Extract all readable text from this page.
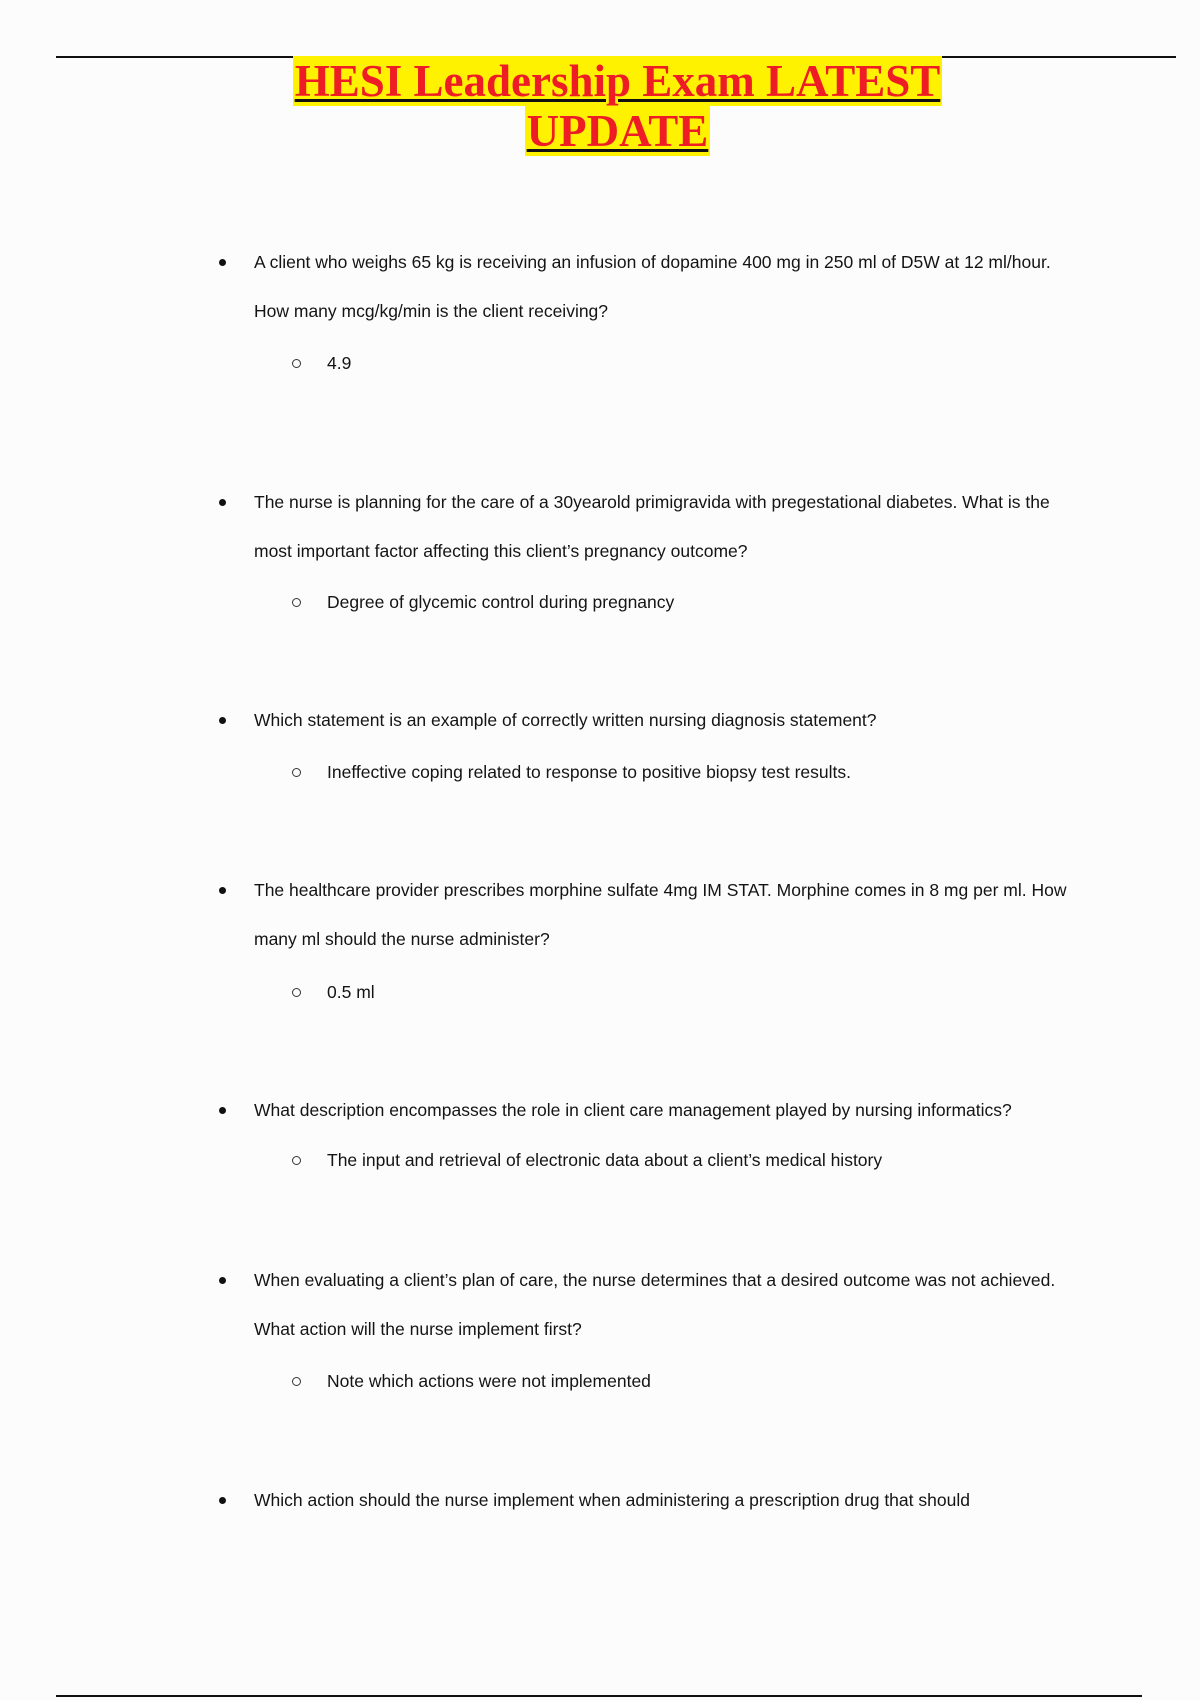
HESI Leadership Exam LATEST
UPDATE
A client who weighs 65 kg is receiving an infusion of dopamine 400 mg in 250 ml of D5W at 12 ml/hour. How many mcg/kg/min is the client receiving?
4.9
The nurse is planning for the care of a 30yearold primigravida with pregestational diabetes. What is the most important factor affecting this client’s pregnancy outcome?
Degree of glycemic control during pregnancy
Which statement is an example of correctly written nursing diagnosis statement?
Ineffective coping related to response to positive biopsy test results.
The healthcare provider prescribes morphine sulfate 4mg IM STAT. Morphine comes in 8 mg per ml. How many ml should the nurse administer?
0.5 ml
What description encompasses the role in client care management played by nursing informatics?
The input and retrieval of electronic data about a client’s medical history
When evaluating a client’s plan of care, the nurse determines that a desired outcome was not achieved. What action will the nurse implement first?
Note which actions were not implemented
Which action should the nurse implement when administering a prescription drug that should
